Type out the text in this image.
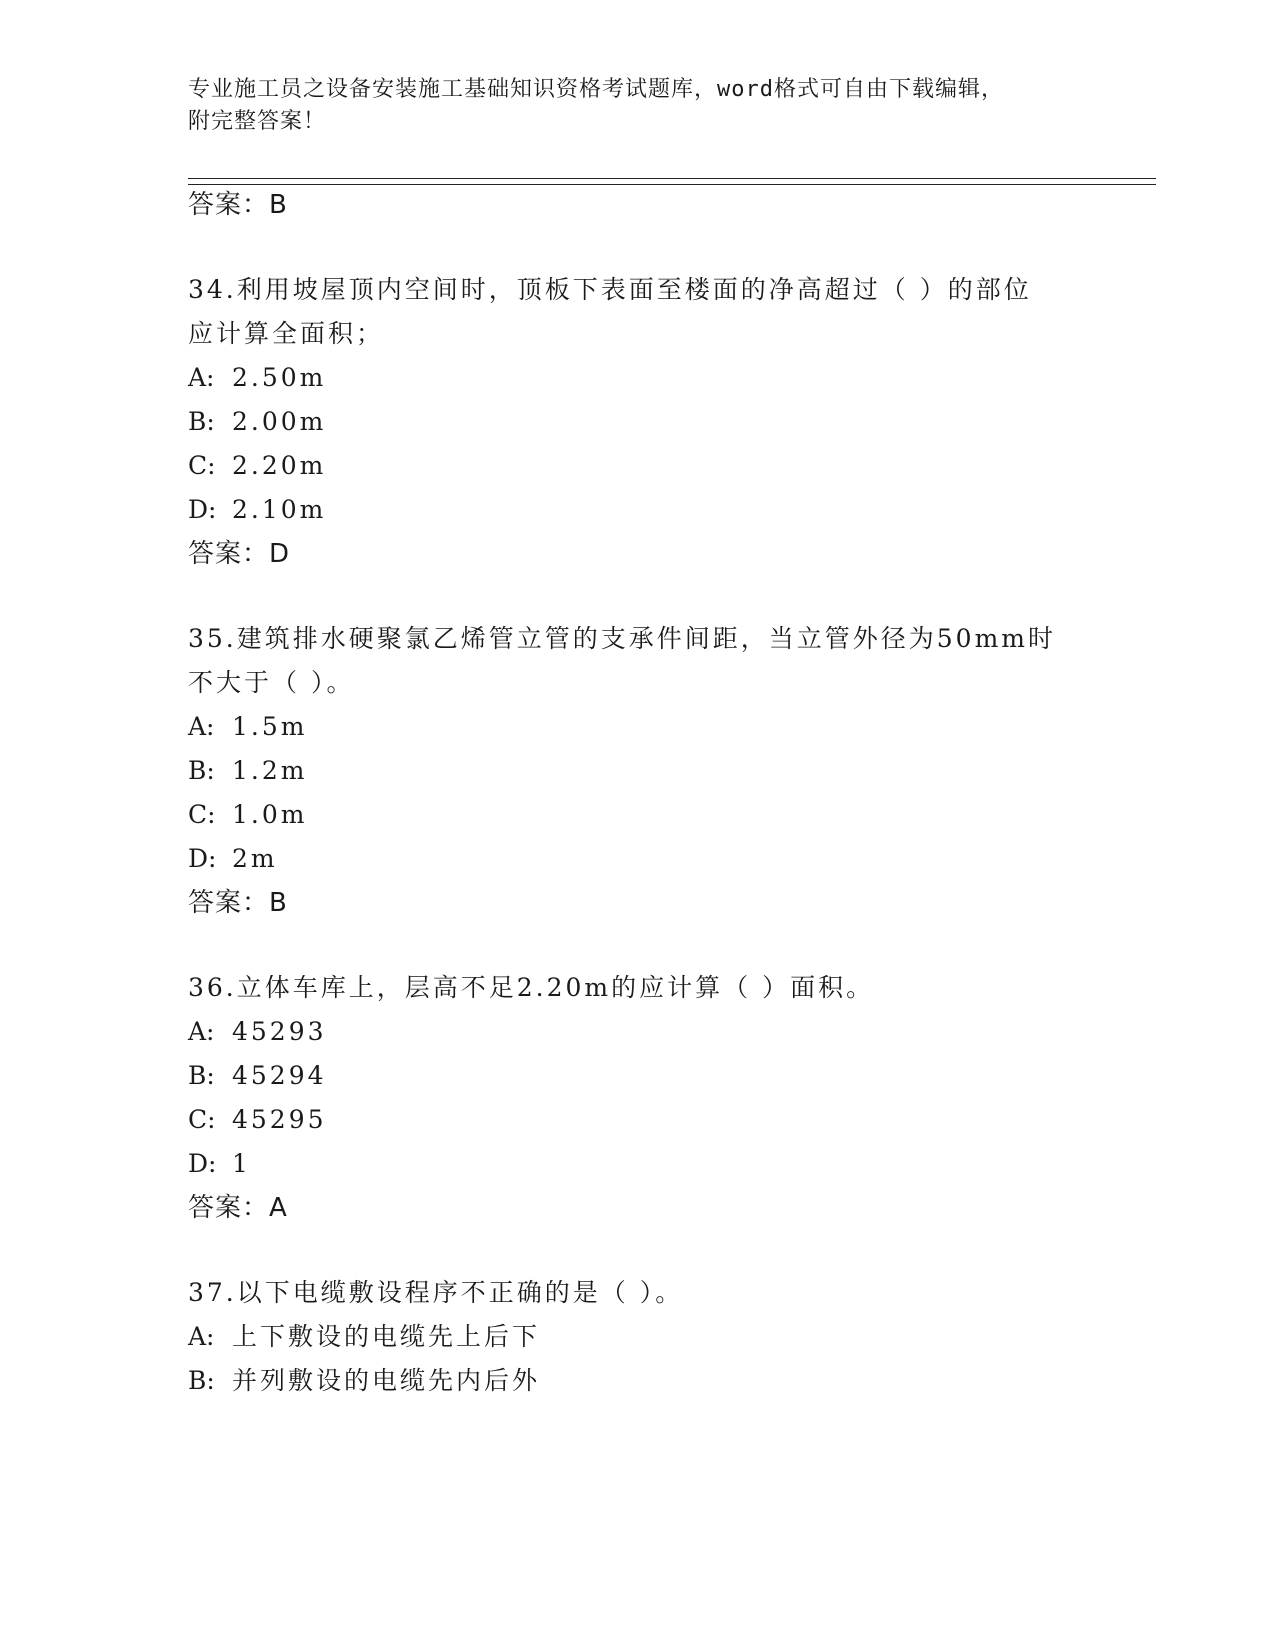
专业施工员之设备安装施工基础知识资格考试题库，word格式可自由下载编辑，
附完整答案！
答案：B
34.利用坡屋顶内空间时，顶板下表面至楼面的净高超过（ ）的部位
应计算全面积；
A: 2.50m
B: 2.00m
C: 2.20m
D: 2.10m
答案：D
35.建筑排水硬聚氯乙烯管立管的支承件间距，当立管外径为50mm时
不大于（ ）。
A: 1.5m
B: 1.2m
C: 1.0m
D: 2m
答案：B
36.立体车库上，层高不足2.20m的应计算（ ）面积。
A: 45293
B: 45294
C: 45295
D: 1
答案：A
37.以下电缆敷设程序不正确的是（ ）。
A: 上下敷设的电缆先上后下
B: 并列敷设的电缆先内后外
